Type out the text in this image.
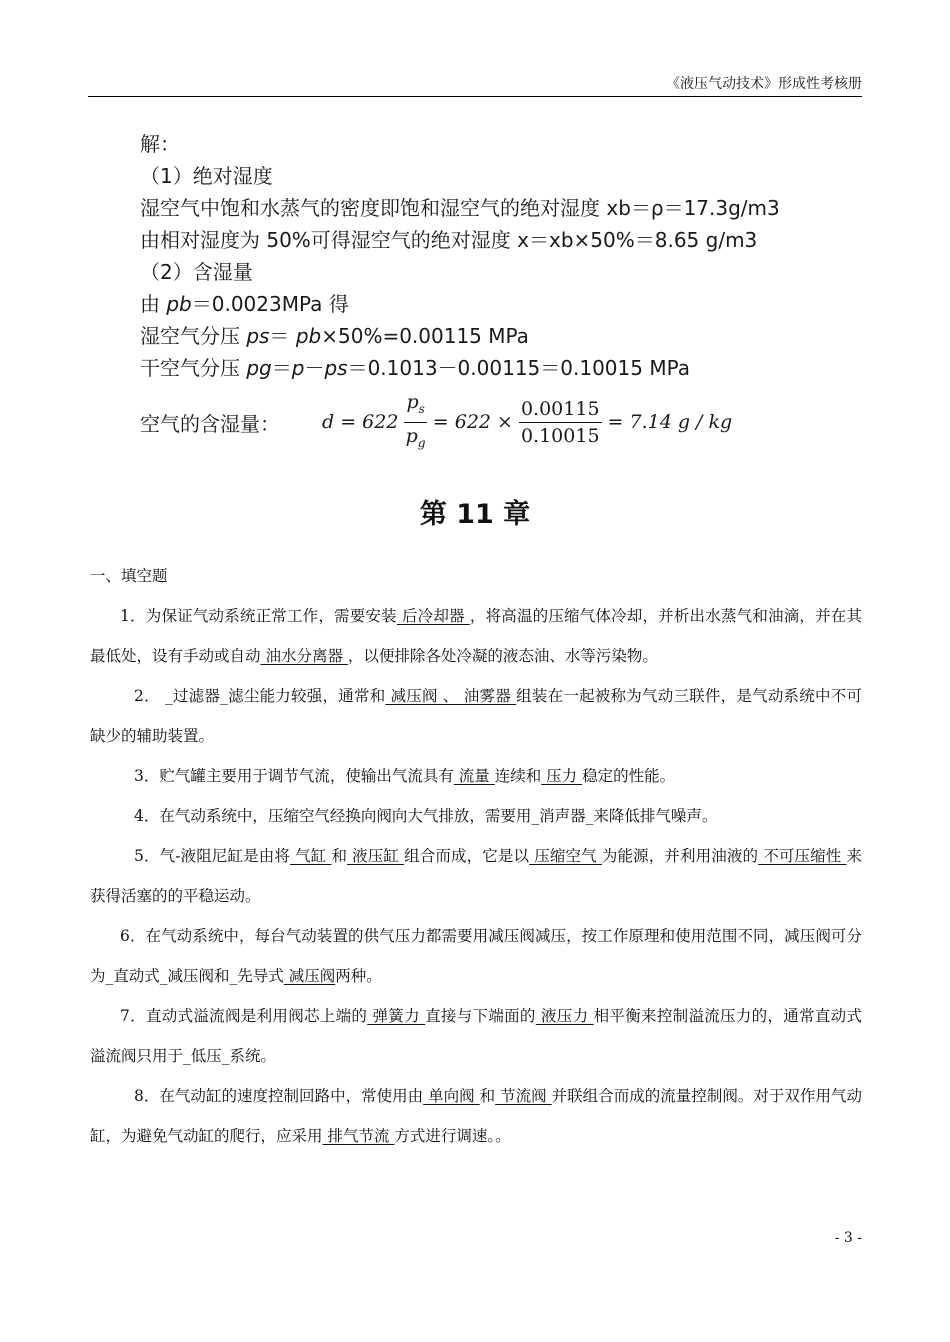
《液压气动技术》形成性考核册
解：
（1）绝对湿度
湿空气中饱和水蒸气的密度即饱和湿空气的绝对湿度 xb＝ρ＝17.3g/m3
由相对湿度为 50%可得湿空气的绝对湿度 x＝xb×50%＝8.65 g/m3
（2）含湿量
由 pb＝0.0023MPa 得
湿空气分压 ps＝ pb×50%=0.00115 MPa
干空气分压 pg＝p－ps＝0.1013－0.00115＝0.10015 MPa
空气的含湿量： $d = 622 \frac{p_s}{p_g} = 622 \times \frac{0.00115}{0.10015} = 7.14$ g / kg
第 11 章

一、填空题

1．为保证气动系统正常工作，需要安装 后冷却器 ，将高温的压缩气体冷却，并析出水蒸气和油滴，并在其最低处，设有手动或自动 油水分离器 ，以便排除各处冷凝的液态油、水等污染物。

2． _过滤器_滤尘能力较强，通常和 减压阀 、 油雾器 组装在一起被称为气动三联件，是气动系统中不可缺少的辅助装置。

3．贮气罐主要用于调节气流，使输出气流具有 流量 连续和 压力 稳定的性能。

4．在气动系统中，压缩空气经换向阀向大气排放，需要用_消声器_来降低排气噪声。

5．气-液阻尼缸是由将 气缸 和 液压缸 组合而成，它是以 压缩空气 为能源，并利用油液的 不可压缩性 来获得活塞的的平稳运动。

6．在气动系统中，每台气动装置的供气压力都需要用减压阀减压，按工作原理和使用范围不同，减压阀可分为_直动式_减压阀和_先导式 减压阀两种。

7．直动式溢流阀是利用阀芯上端的 弹簧力 直接与下端面的 液压力 相平衡来控制溢流压力的，通常直动式溢流阀只用于_低压_系统。

8．在气动缸的速度控制回路中，常使用由 单向阀 和 节流阀 并联组合而成的流量控制阀。对于双作用气动缸，为避免气动缸的爬行，应采用 排气节流 方式进行调速。。

- 3 -
